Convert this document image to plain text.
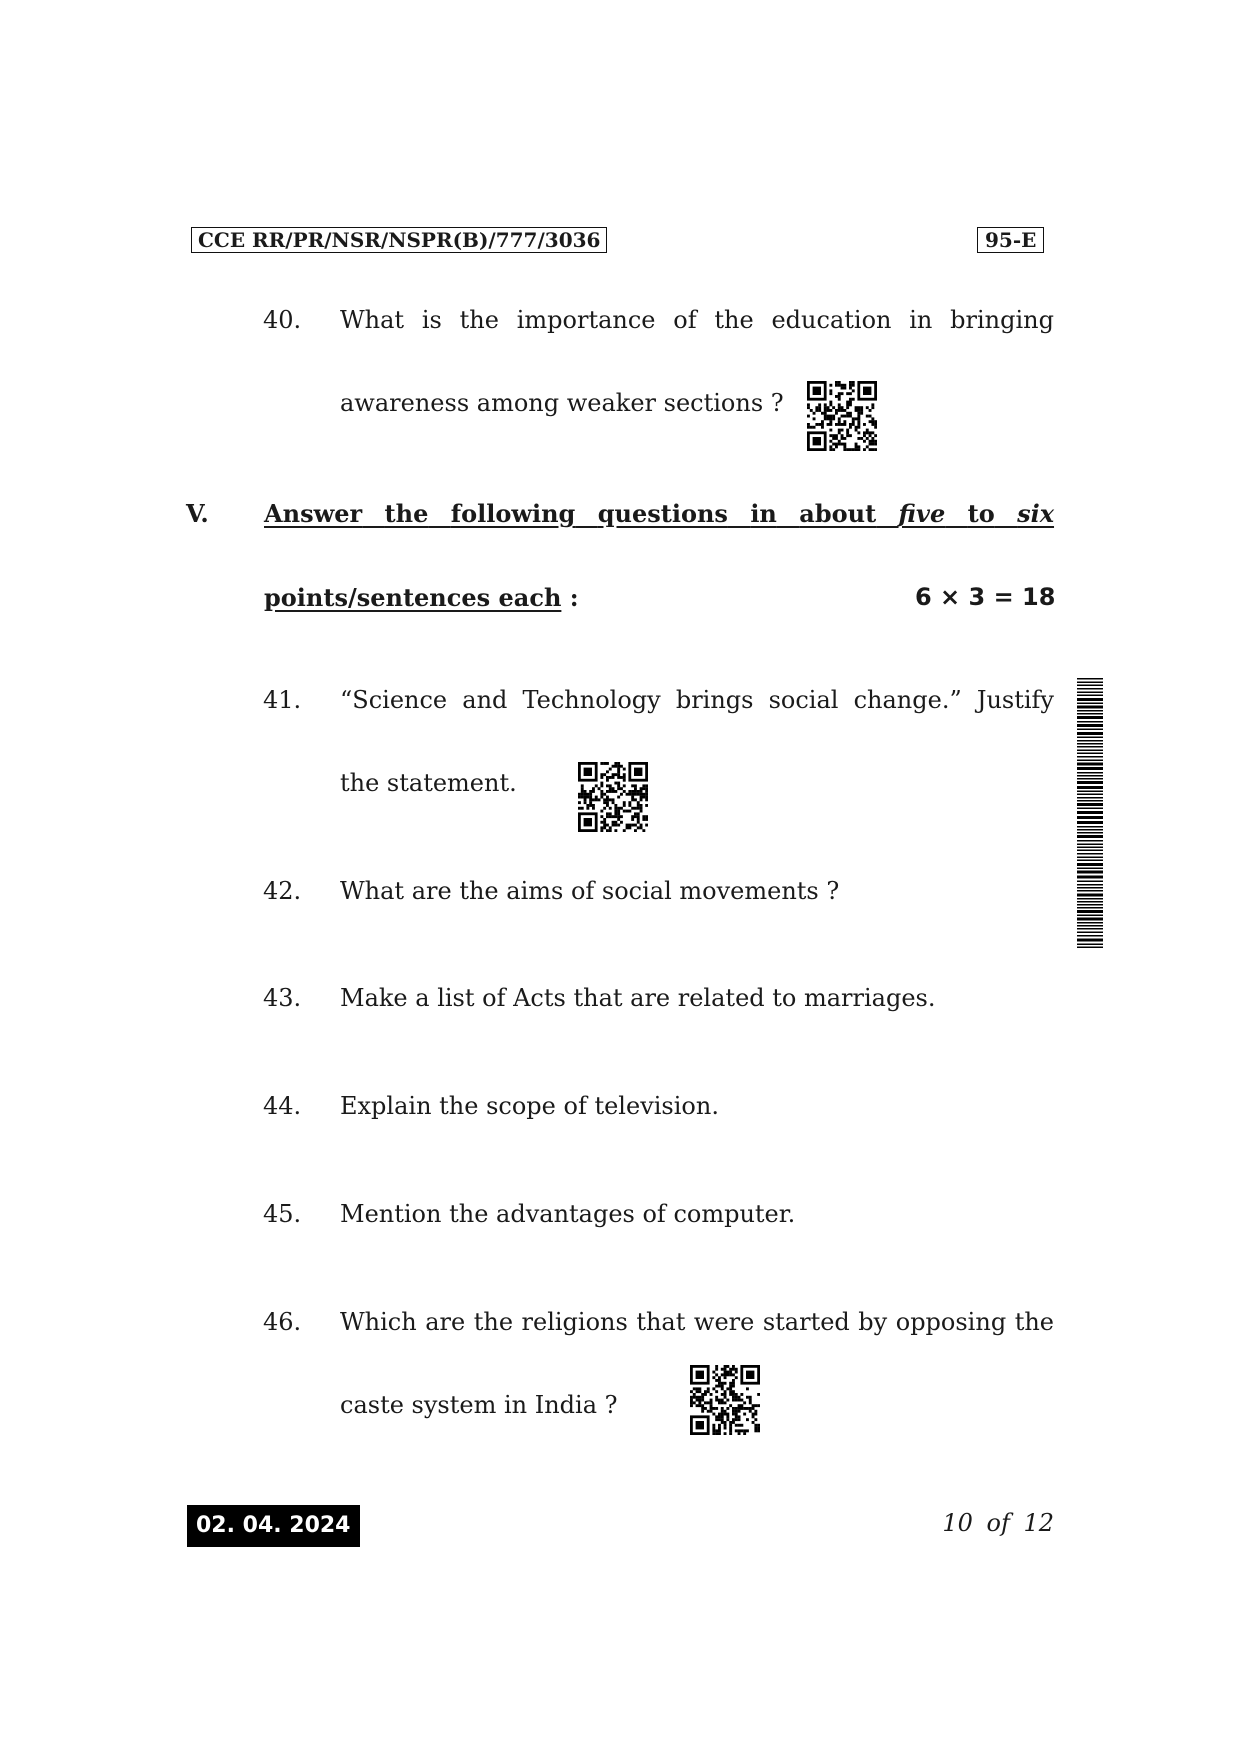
CCE RR/PR/NSR/NSPR(B)/777/3036	95-E
40. What is the importance of the education in bringing
awareness among weaker sections ?
V. Answer the following questions in about five to six
points/sentences each :	6 × 3 = 18
41. “Science and Technology brings social change.” Justify
the statement.
42. What are the aims of social movements ?
43. Make a list of Acts that are related to marriages.
44. Explain the scope of television.
45. Mention the advantages of computer.
46. Which are the religions that were started by opposing the
caste system in India ?
02. 04. 2024	10 of 12
